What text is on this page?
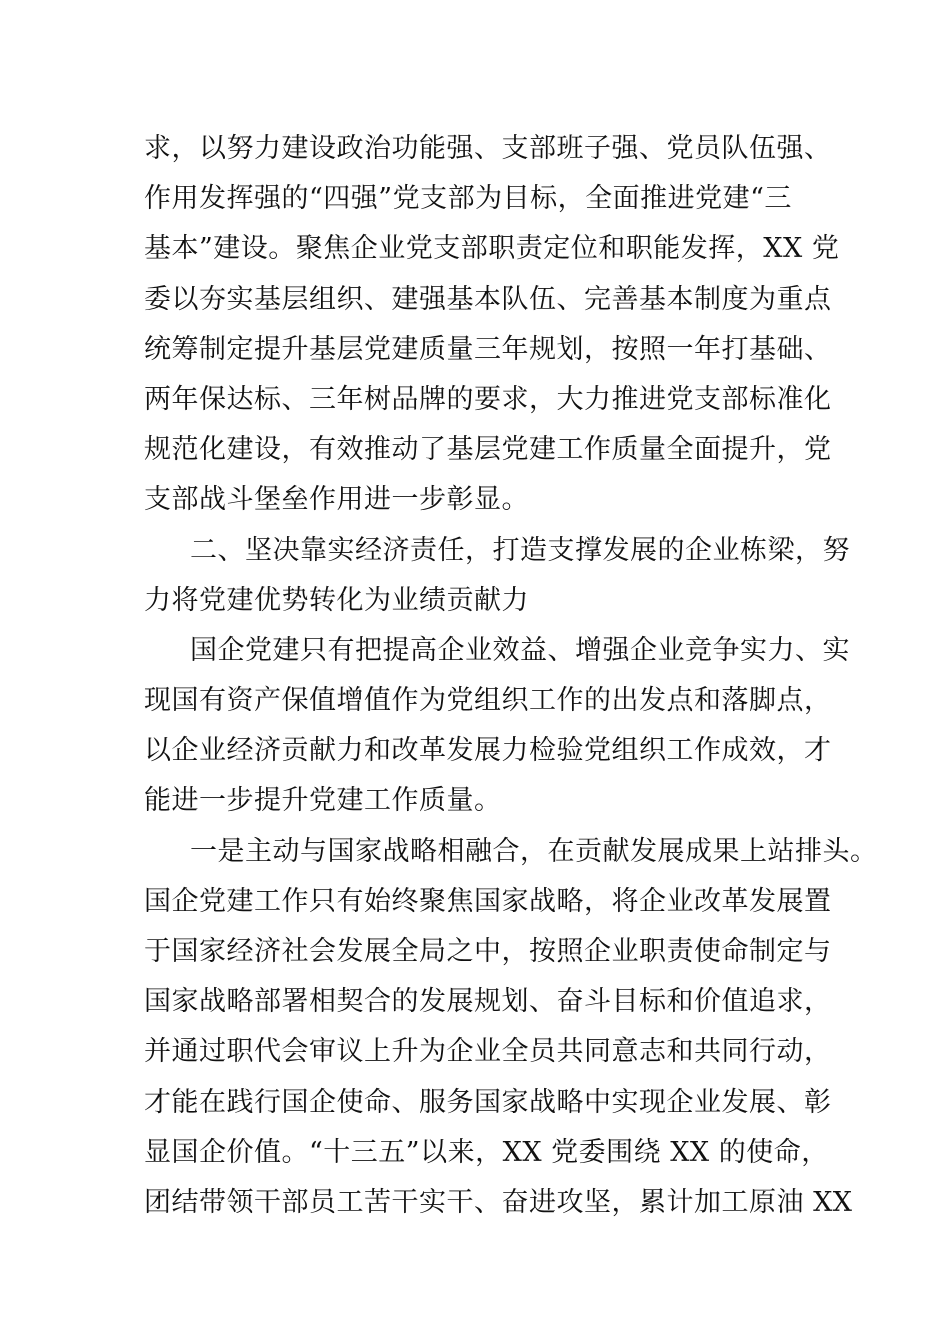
求，以努力建设政治功能强、支部班子强、党员队伍强、
作用发挥强的“四强”党支部为目标，全面推进党建“三
基本”建设。聚焦企业党支部职责定位和职能发挥，XX 党
委以夯实基层组织、建强基本队伍、完善基本制度为重点
统筹制定提升基层党建质量三年规划，按照一年打基础、
两年保达标、三年树品牌的要求，大力推进党支部标准化
规范化建设，有效推动了基层党建工作质量全面提升，党
支部战斗堡垒作用进一步彰显。
二、坚决靠实经济责任，打造支撑发展的企业栋梁，努
力将党建优势转化为业绩贡献力
国企党建只有把提高企业效益、增强企业竞争实力、实
现国有资产保值增值作为党组织工作的出发点和落脚点，
以企业经济贡献力和改革发展力检验党组织工作成效，才
能进一步提升党建工作质量。
一是主动与国家战略相融合，在贡献发展成果上站排头。
国企党建工作只有始终聚焦国家战略，将企业改革发展置
于国家经济社会发展全局之中，按照企业职责使命制定与
国家战略部署相契合的发展规划、奋斗目标和价值追求，
并通过职代会审议上升为企业全员共同意志和共同行动，
才能在践行国企使命、服务国家战略中实现企业发展、彰
显国企价值。“十三五”以来，XX 党委围绕 XX 的使命，
团结带领干部员工苦干实干、奋进攻坚，累计加工原油 XX
